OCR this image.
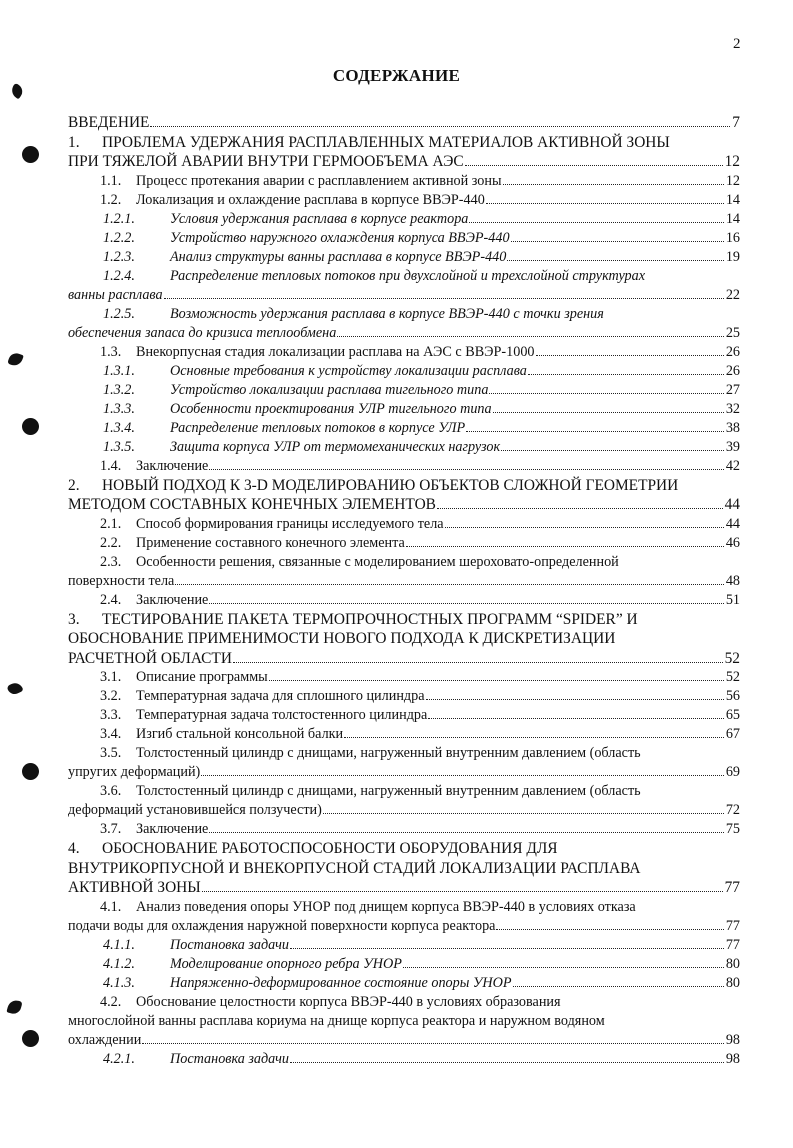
2
СОДЕРЖАНИЕ
ВВЕДЕНИЕ	7
1.	ПРОБЛЕМА УДЕРЖАНИЯ РАСПЛАВЛЕННЫХ МАТЕРИАЛОВ АКТИВНОЙ ЗОНЫ
ПРИ ТЯЖЕЛОЙ АВАРИИ ВНУТРИ ГЕРМООБЪЕМА АЭС	12
1.1.	Процесс протекания аварии с расплавлением активной зоны	12
1.2.	Локализация и охлаждение расплава в корпусе ВВЭР-440	14
1.2.1.	Условия удержания расплава в корпусе реактора	14
1.2.2.	Устройство наружного охлаждения корпуса ВВЭР-440	16
1.2.3.	Анализ структуры ванны расплава в корпусе ВВЭР-440	19
1.2.4.	Распределение тепловых потоков при двухслойной и трехслойной структурах
ванны расплава	22
1.2.5.	Возможность удержания расплава в корпусе ВВЭР-440 с точки зрения
обеспечения запаса до кризиса теплообмена	25
1.3.	Внекорпусная стадия локализации расплава на АЭС с ВВЭР-1000	26
1.3.1.	Основные требования к устройству локализации расплава	26
1.3.2.	Устройство локализации расплава тигельного типа	27
1.3.3.	Особенности проектирования УЛР тигельного типа	32
1.3.4.	Распределение тепловых потоков в корпусе УЛР	38
1.3.5.	Защита корпуса УЛР от термомеханических нагрузок	39
1.4.	Заключение	42
2.	НОВЫЙ ПОДХОД К 3-D МОДЕЛИРОВАНИЮ ОБЪЕКТОВ СЛОЖНОЙ ГЕОМЕТРИИ
МЕТОДОМ СОСТАВНЫХ КОНЕЧНЫХ ЭЛЕМЕНТОВ	44
2.1.	Способ формирования границы исследуемого тела	44
2.2.	Применение составного конечного элемента	46
2.3.	Особенности решения, связанные с моделированием шероховато-определенной
поверхности тела	48
2.4.	Заключение	51
3.	ТЕСТИРОВАНИЕ ПАКЕТА ТЕРМОПРОЧНОСТНЫХ ПРОГРАММ “SPIDER” И
ОБОСНОВАНИЕ ПРИМЕНИМОСТИ НОВОГО ПОДХОДА К ДИСКРЕТИЗАЦИИ
РАСЧЕТНОЙ ОБЛАСТИ	52
3.1.	Описание программы	52
3.2.	Температурная задача для сплошного цилиндра	56
3.3.	Температурная задача толстостенного цилиндра	65
3.4.	Изгиб стальной консольной балки	67
3.5.	Толстостенный цилиндр с днищами, нагруженный внутренним давлением (область
упругих деформаций)	69
3.6.	Толстостенный цилиндр с днищами, нагруженный внутренним давлением (область
деформаций установившейся ползучести)	72
3.7.	Заключение	75
4.	ОБОСНОВАНИЕ РАБОТОСПОСОБНОСТИ ОБОРУДОВАНИЯ ДЛЯ
ВНУТРИКОРПУСНОЙ И ВНЕКОРПУСНОЙ СТАДИЙ ЛОКАЛИЗАЦИИ РАСПЛАВА
АКТИВНОЙ ЗОНЫ	77
4.1.	Анализ поведения опоры УНОР под днищем корпуса ВВЭР-440 в условиях отказа
подачи воды для охлаждения наружной поверхности корпуса реактора	77
4.1.1.	Постановка задачи	77
4.1.2.	Моделирование опорного ребра УНОР	80
4.1.3.	Напряженно-деформированное состояние опоры УНОР	80
4.2.	Обоснование целостности корпуса ВВЭР-440 в условиях образования
многослойной ванны расплава кориума на днище корпуса реактора и наружном водяном
охлаждении	98
4.2.1.	Постановка задачи	98
